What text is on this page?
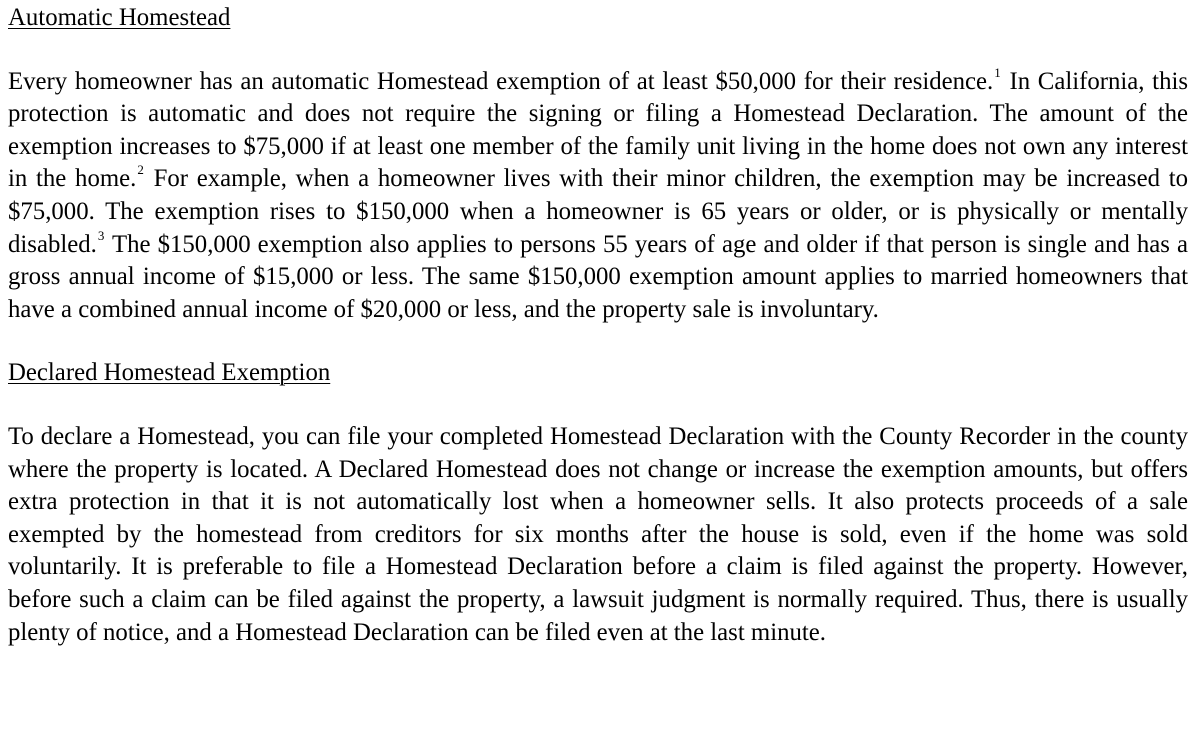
Automatic Homestead

Every homeowner has an automatic Homestead exemption of at least $50,000 for their residence.$^1$ In California, this protection is automatic and does not require the signing or filing a Homestead Declaration. The amount of the exemption increases to $75,000 if at least one member of the family unit living in the home does not own any interest in the home.$^2$ For example, when a homeowner lives with their minor children, the exemption may be increased to $75,000. The exemption rises to $150,000 when a homeowner is 65 years or older, or is physically or mentally disabled.$^3$ The $150,000 exemption also applies to persons 55 years of age and older if that person is single and has a gross annual income of $15,000 or less. The same $150,000 exemption amount applies to married homeowners that have a combined annual income of $20,000 or less, and the property sale is involuntary.

Declared Homestead Exemption

To declare a Homestead, you can file your completed Homestead Declaration with the County Recorder in the county where the property is located. A Declared Homestead does not change or increase the exemption amounts, but offers extra protection in that it is not automatically lost when a homeowner sells. It also protects proceeds of a sale exempted by the homestead from creditors for six months after the house is sold, even if the home was sold voluntarily. It is preferable to file a Homestead Declaration before a claim is filed against the property. However, before such a claim can be filed against the property, a lawsuit judgment is normally required. Thus, there is usually plenty of notice, and a Homestead Declaration can be filed even at the last minute.
